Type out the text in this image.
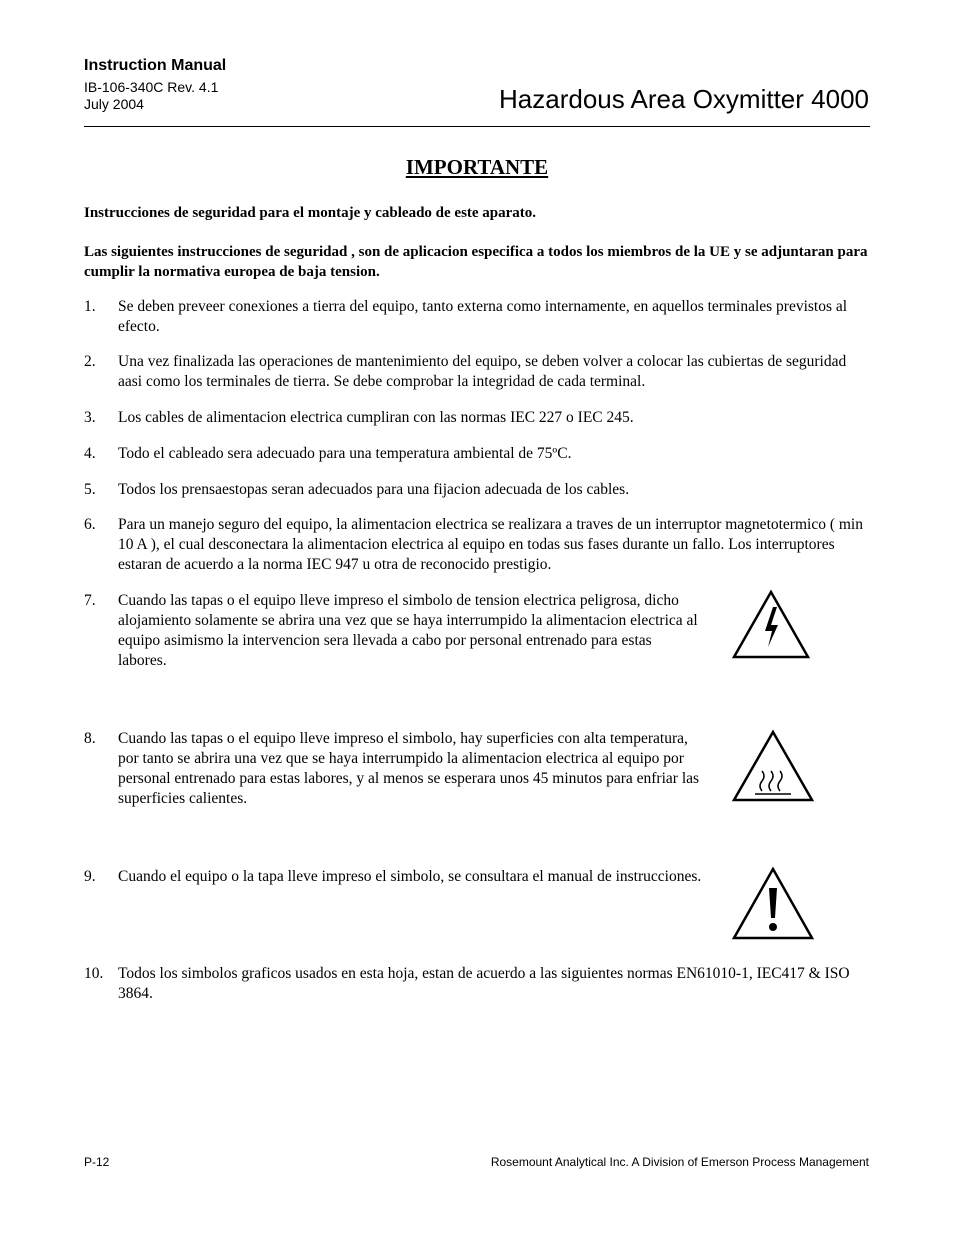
Instruction Manual
IB-106-340C Rev. 4.1
July 2004	Hazardous Area Oxymitter 4000
IMPORTANTE
Instrucciones de seguridad para el montaje y cableado de este aparato.
Las siguientes instrucciones de seguridad , son de aplicacion especifica a todos los miembros de la UE y se adjuntaran para cumplir la normativa europea de baja tension.
1. Se deben preveer conexiones a tierra del equipo, tanto externa como internamente, en aquellos terminales previstos al efecto.
2. Una vez finalizada las operaciones de mantenimiento del equipo, se deben volver a colocar las cubiertas de seguridad aasi como los terminales de tierra. Se debe comprobar la integridad de cada terminal.
3. Los cables de alimentacion electrica cumpliran con las normas IEC 227 o IEC 245.
4. Todo el cableado sera adecuado para una temperatura ambiental de 75ºC.
5. Todos los prensaestopas seran adecuados para una fijacion adecuada de los cables.
6. Para un manejo seguro del equipo, la alimentacion electrica se realizara a traves de un interruptor magnetotermico ( min 10 A ), el cual desconectara la alimentacion electrica al equipo en todas sus fases durante un fallo. Los interruptores estaran de acuerdo a la norma IEC 947 u otra de reconocido prestigio.
7. Cuando las tapas o el equipo lleve impreso el simbolo de tension electrica peligrosa, dicho alojamiento solamente se abrira una vez que se haya interrumpido la alimentacion electrica al equipo asimismo la intervencion sera llevada a cabo por personal entrenado para estas labores.
8. Cuando las tapas o el equipo lleve impreso el simbolo, hay superficies con alta temperatura, por tanto se abrira una vez que se haya interrumpido la alimentacion electrica al equipo por personal entrenado para estas labores, y al menos se esperara unos 45 minutos para enfriar las superficies calientes.
9. Cuando el equipo o la tapa lleve impreso el simbolo, se consultara el manual de instrucciones.
10. Todos los simbolos graficos usados en esta hoja, estan de acuerdo a las siguientes normas EN61010-1, IEC417 & ISO 3864.
P-12	Rosemount Analytical Inc. A Division of Emerson Process Management
